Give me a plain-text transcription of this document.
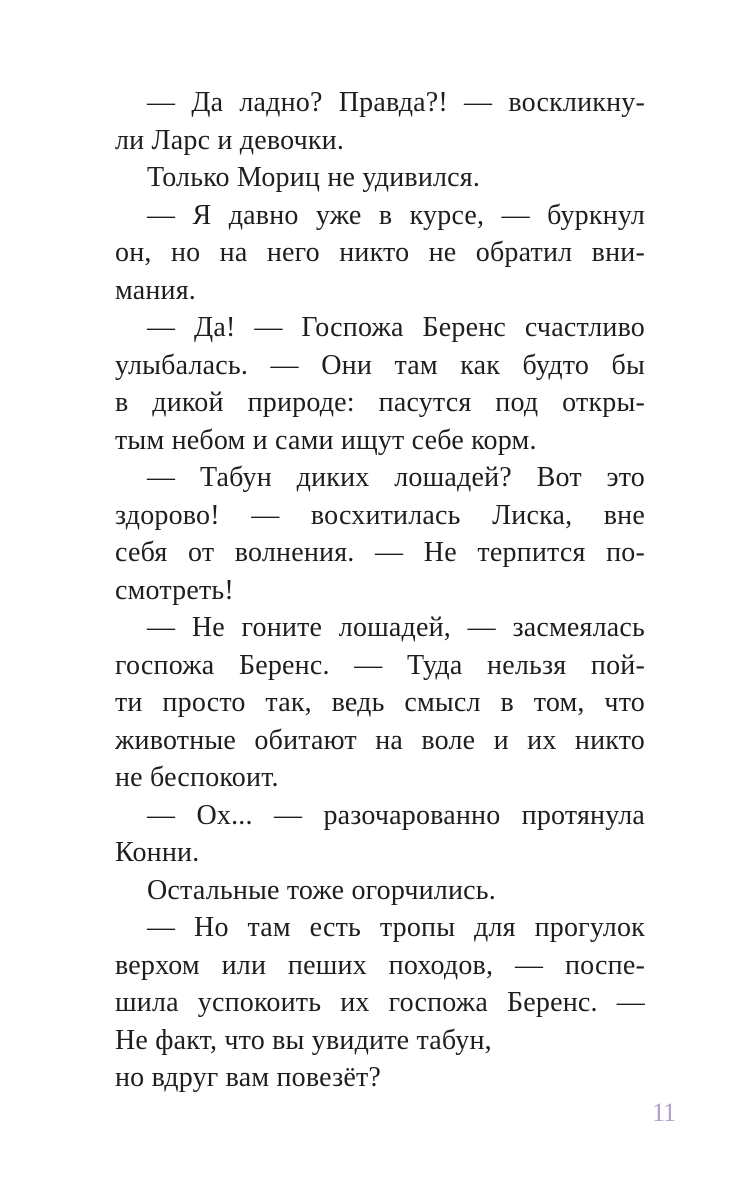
— Да ладно? Правда?! — воскликну-
ли Ларс и девочки.
Только Мориц не удивился.
— Я давно уже в курсе, — буркнул
он, но на него никто не обратил вни-
мания.
— Да! — Госпожа Беренс счастливо
улыбалась. — Они там как будто бы
в дикой природе: пасутся под откры-
тым небом и сами ищут себе корм.
— Табун диких лошадей? Вот это
здорово! — восхитилась Лиска, вне
себя от волнения. — Не терпится по-
смотреть!
— Не гоните лошадей, — засмеялась
госпожа Беренс. — Туда нельзя пой-
ти просто так, ведь смысл в том, что
животные обитают на воле и их никто
не беспокоит.
— Ох... — разочарованно протянула
Конни.
Остальные тоже огорчились.
— Но там есть тропы для прогулок
верхом или пеших походов, — поспе-
шила успокоить их госпожа Беренс. —
Не факт, что вы увидите табун,
но вдруг вам повезёт?
11
